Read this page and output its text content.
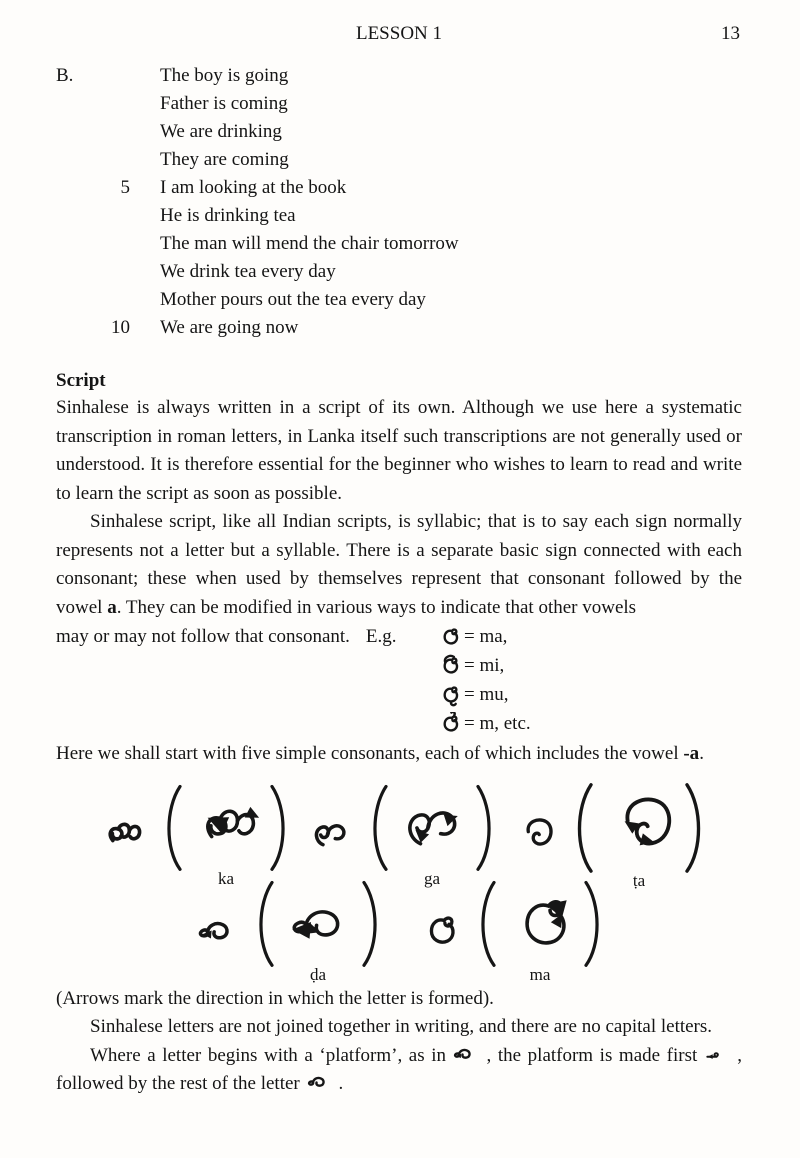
LESSON 1	13
B.	The boy is going
Father is coming
We are drinking
They are coming
5 I am looking at the book
He is drinking tea
The man will mend the chair tomorrow
We drink tea every day
Mother pours out the tea every day
10 We are going now
Script

Sinhalese is always written in a script of its own. Although we use here a systematic transcription in roman letters, in Lanka itself such transcriptions are not generally used or understood. It is therefore essential for the beginner who wishes to learn to read and write to learn the script as soon as possible.

Sinhalese script, like all Indian scripts, is syllabic; that is to say each sign normally represents not a letter but a syllable. There is a separate basic sign connected with each consonant; these when used by themselves represent that consonant followed by the vowel a. They can be modified in various ways to indicate that other vowels

may or may not follow that consonant. E.g.	= ma,
= mi,
= mu,
= m, etc.

Here we shall start with five simple consonants, each of which includes the vowel -a.

ka	ga	ṭa
ḍa	ma

(Arrows mark the direction in which the letter is formed).

Sinhalese letters are not joined together in writing, and there are no capital letters.

Where a letter begins with a ‘platform’, as in , the platform is made first , followed by the rest of the letter .
